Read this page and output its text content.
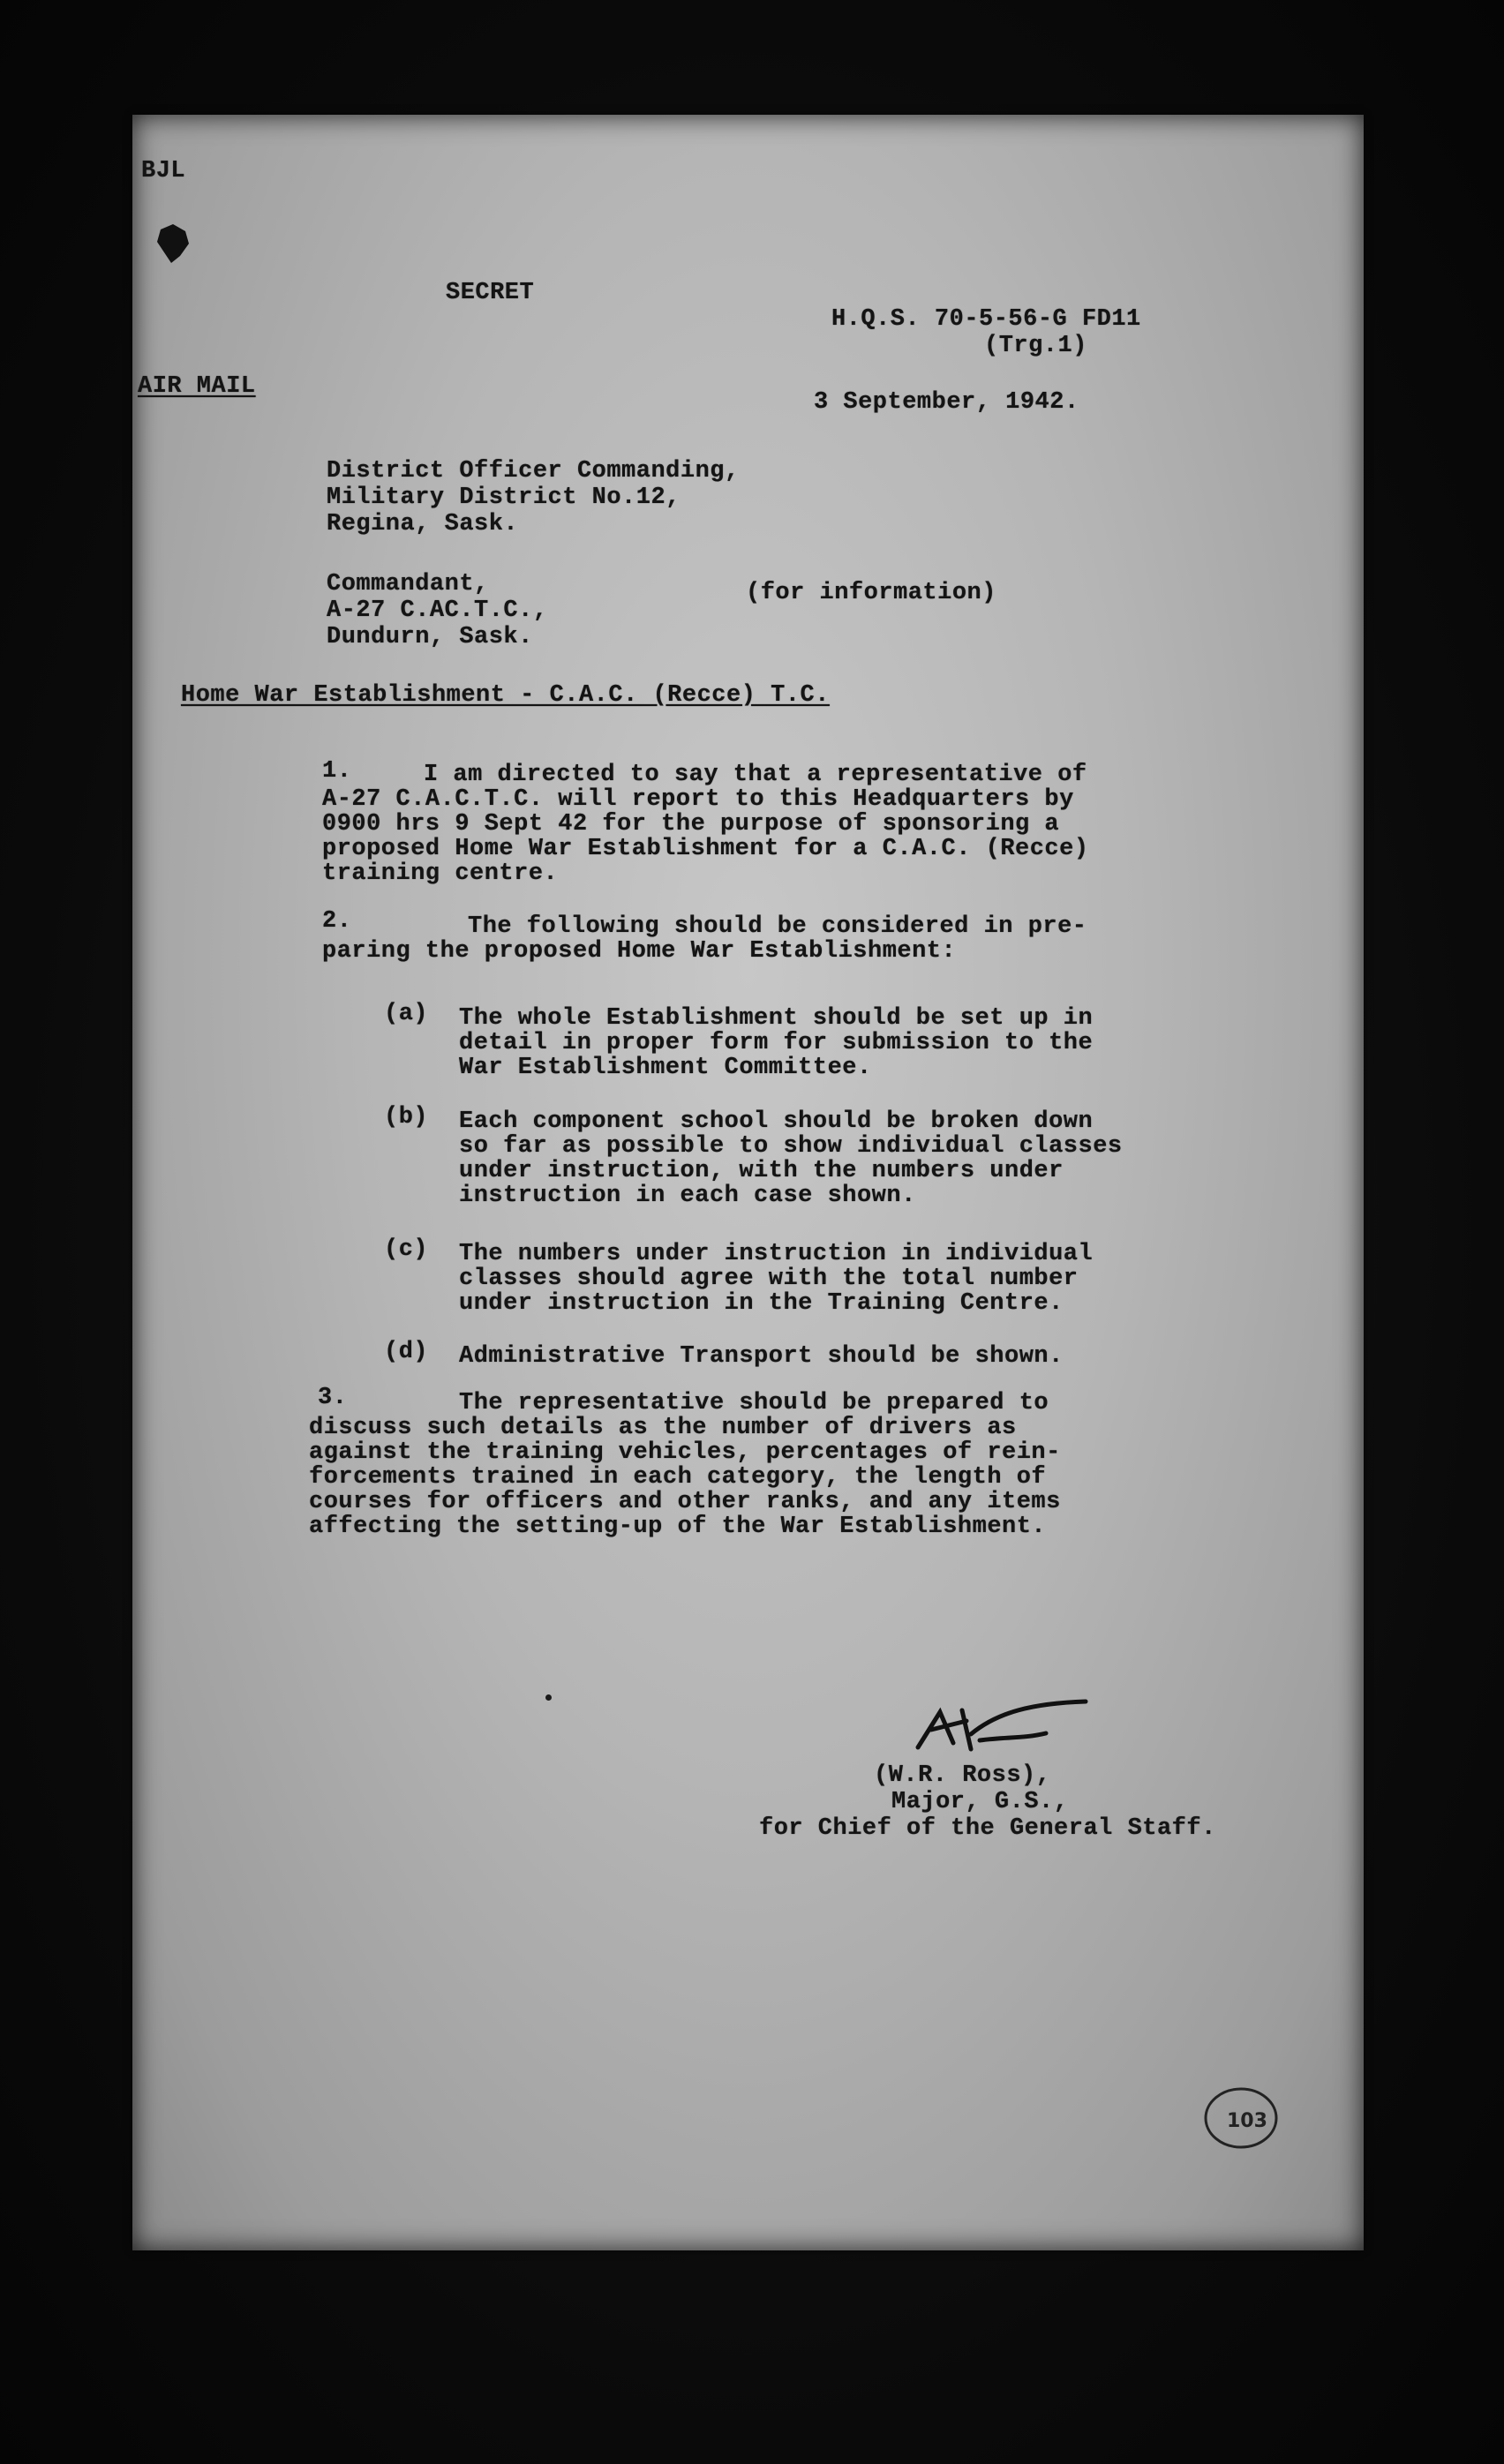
BJL
SECRET
H.Q.S. 70-5-56-G FD11
(Trg.1)
AIR MAIL
3 September, 1942.
District Officer Commanding,
Military District No.12,
Regina, Sask.
Commandant,
A-27 C.AC.T.C.,
Dundurn, Sask.
(for information)
Home War Establishment - C.A.C. (Recce) T.C.
1.	I am directed to say that a representative of
A-27 C.A.C.T.C. will report to this Headquarters by
0900 hrs 9 Sept 42 for the purpose of sponsoring a
proposed Home War Establishment for a C.A.C. (Recce)
training centre.
2.	The following should be considered in pre-
paring the proposed Home War Establishment:
(a) The whole Establishment should be set up in
detail in proper form for submission to the
War Establishment Committee.
(b) Each component school should be broken down
so far as possible to show individual classes
under instruction, with the numbers under
instruction in each case shown.
(c) The numbers under instruction in individual
classes should agree with the total number
under instruction in the Training Centre.
(d) Administrative Transport should be shown.
3.	The representative should be prepared to
discuss such details as the number of drivers as
against the training vehicles, percentages of rein-
forcements trained in each category, the length of
courses for officers and other ranks, and any items
affecting the setting-up of the War Establishment.
(W.R. Ross),
Major, G.S.,
for Chief of the General Staff.
103
